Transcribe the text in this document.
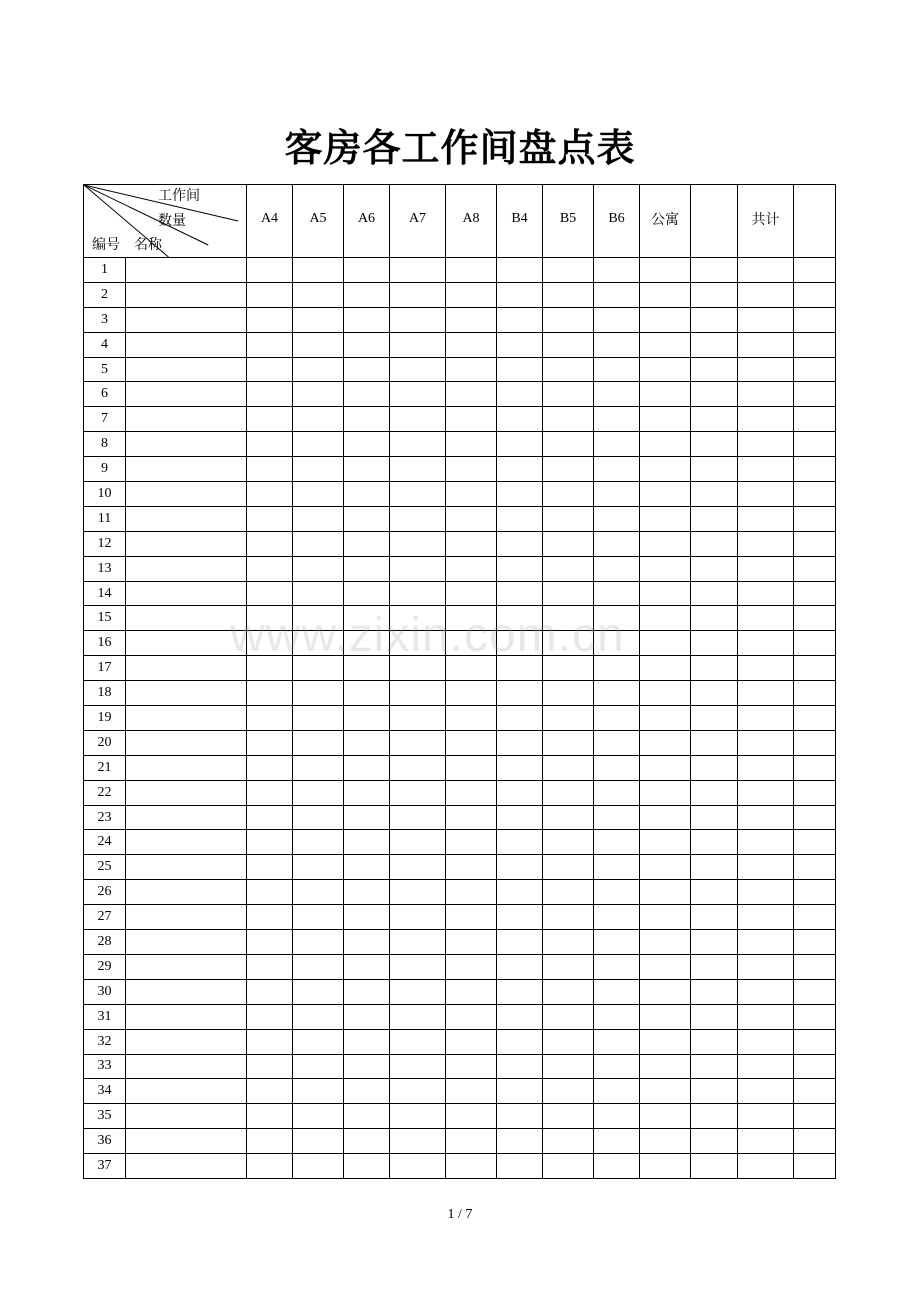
客房各工作间盘点表
工作间
数量
编号 名称		A4	A5	A6	A7	A8	B4	B5	B6	公寓		共计	
1													
2													
3													
4													
5													
6													
7													
8													
9													
10													
11													
12													
13													
14													
15													
16													
17													
18													
19													
20													
21													
22													
23													
24													
25													
26													
27													
28													
29													
30													
31													
32													
33													
34													
35													
36													
37													
www.zixin.com.cn
1 / 7
